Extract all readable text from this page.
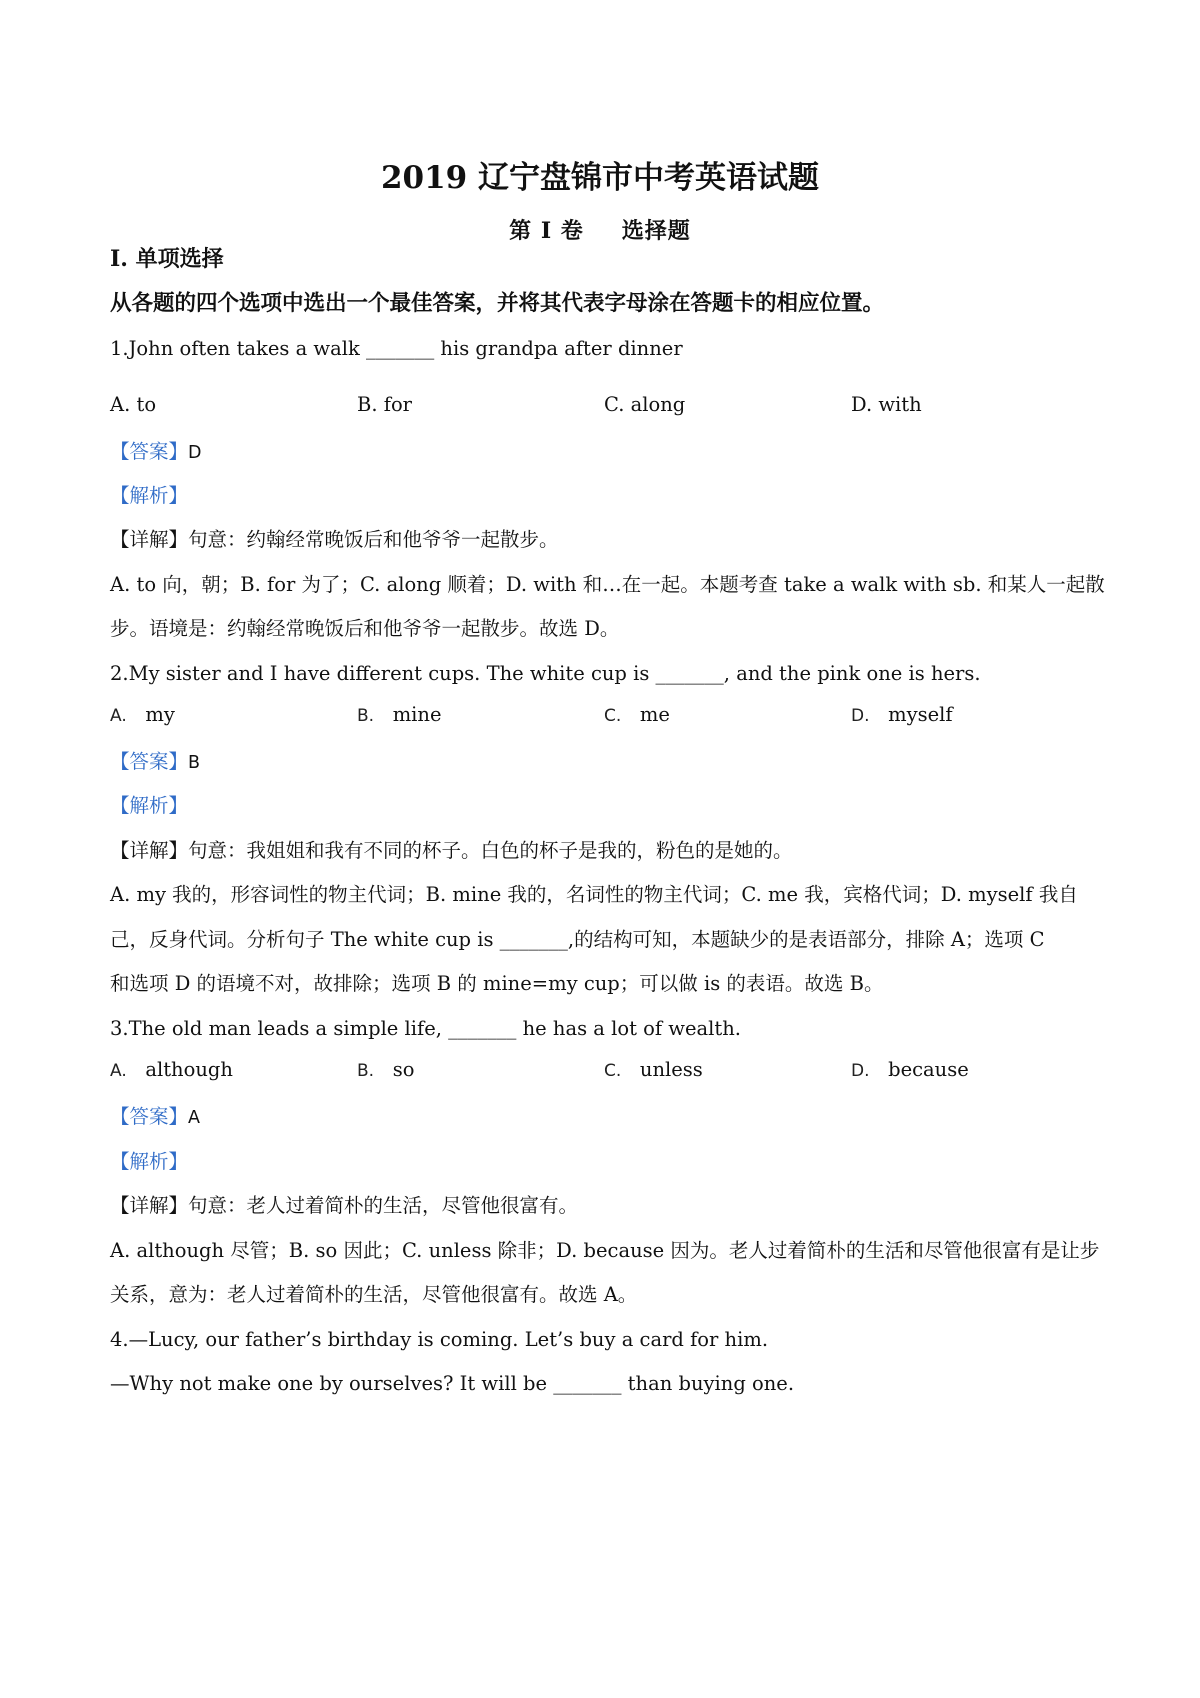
2019 辽宁盘锦市中考英语试题
第 I 卷 选择题
Ⅰ. 单项选择
从各题的四个选项中选出一个最佳答案，并将其代表字母涂在答题卡的相应位置。
1.John often takes a walk _______ his grandpa after dinner
A. to	B. for	C. along	D. with
【答案】D
【解析】
【详解】句意：约翰经常晚饭后和他爷爷一起散步。
A. to 向，朝；B. for 为了；C. along 顺着；D. with 和…在一起。本题考查 take a walk with sb. 和某人一起散
步。语境是：约翰经常晚饭后和他爷爷一起散步。故选 D。
2.My sister and I have different cups. The white cup is _______, and the pink one is hers.
A. my	B. mine	C. me	D. myself
【答案】B
【解析】
【详解】句意：我姐姐和我有不同的杯子。白色的杯子是我的，粉色的是她的。
A. my 我的，形容词性的物主代词；B. mine 我的，名词性的物主代词；C. me 我，宾格代词；D. myself 我自
己，反身代词。分析句子 The white cup is _______,的结构可知，本题缺少的是表语部分，排除 A；选项 C
和选项 D 的语境不对，故排除；选项 B 的 mine=my cup；可以做 is 的表语。故选 B。
3.The old man leads a simple life, _______ he has a lot of wealth.
A. although	B. so	C. unless	D. because
【答案】A
【解析】
【详解】句意：老人过着简朴的生活，尽管他很富有。
A. although 尽管；B. so 因此；C. unless 除非；D. because 因为。老人过着简朴的生活和尽管他很富有是让步
关系，意为：老人过着简朴的生活，尽管他很富有。故选 A。
4.—Lucy, our father’s birthday is coming. Let’s buy a card for him.
—Why not make one by ourselves? It will be _______ than buying one.
